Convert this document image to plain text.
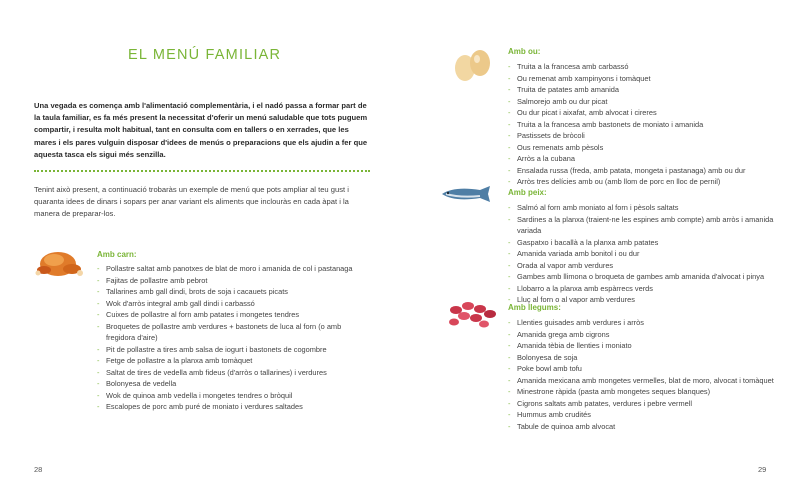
EL MENÚ FAMILIAR
Una vegada es comença amb l'alimentació complementària, i el nadó passa a formar part de la taula familiar, es fa més present la necessitat d'oferir un menú saludable que tots puguem compartir, i resulta molt habitual, tant en consulta com en tallers o en xerrades, que les mares i els pares vulguin disposar d'idees de menús o preparacions que els ajudin a fer que aquesta tasca els sigui més senzilla.
Tenint això present, a continuació trobaràs un exemple de menú que pots ampliar al teu gust i quaranta idees de dinars i sopars per anar variant els aliments que inclouràs en cada àpat i la manera de preparar-los.
Amb carn:
- Pollastre saltat amb panotxes de blat de moro i amanida de col i pastanaga
- Fajitas de pollastre amb pebrot
- Tallarines amb gall dindi, brots de soja i cacauets picats
- Wok d'arròs integral amb gall dindi i carbassó
- Cuixes de pollastre al forn amb patates i mongetes tendres
- Broquetes de pollastre amb verdures + bastonets de luca al forn (o amb fregidora d'aire)
- Pit de pollastre a tires amb salsa de iogurt i bastonets de cogombre
- Fetge de pollastre a la planxa amb tomàquet
- Saltat de tires de vedella amb fideus (d'arròs o tallarines) i verdures
- Bolonyesa de vedella
- Wok de quinoa amb vedella i mongetes tendres o bròquil
- Escalopes de porc amb puré de moniato i verdures saltades
28
Amb ou:
- Truita a la francesa amb carbassó
- Ou remenat amb xampinyons i tomàquet
- Truita de patates amb amanida
- Salmorejo amb ou dur picat
- Ou dur picat i aixafat, amb alvocat i cireres
- Truita a la francesa amb bastonets de moniato i amanida
- Pastissets de bròcoli
- Ous remenats amb pèsols
- Arròs a la cubana
- Ensalada russa (freda, amb patata, mongeta i pastanaga) amb ou dur
- Arròs tres delícies amb ou (amb llom de porc en lloc de pernil)
Amb peix:
- Salmó al forn amb moniato al forn i pèsols saltats
- Sardines a la planxa (traient-ne les espines amb compte) amb arròs i amanida variada
- Gaspatxo i bacallà a la planxa amb patates
- Amanida variada amb bonitol i ou dur
- Orada al vapor amb verdures
- Gambes amb llimona o broqueta de gambes amb amanida d'alvocat i pinya
- Llobarro a la planxa amb espàrrecs verds
- Lluç al forn o al vapor amb verdures
Amb llegums:
- Llenties guisades amb verdures i arròs
- Amanida grega amb cigrons
- Amanida tèbia de llenties i moniato
- Bolonyesa de soja
- Poke bowl amb tofu
- Amanida mexicana amb mongetes vermelles, blat de moro, alvocat i tomàquet
- Minestrone ràpida (pasta amb mongetes seques blanques)
- Cigrons saltats amb patates, verdures i pebre vermell
- Hummus amb crudités
- Tabule de quinoa amb alvocat
29
